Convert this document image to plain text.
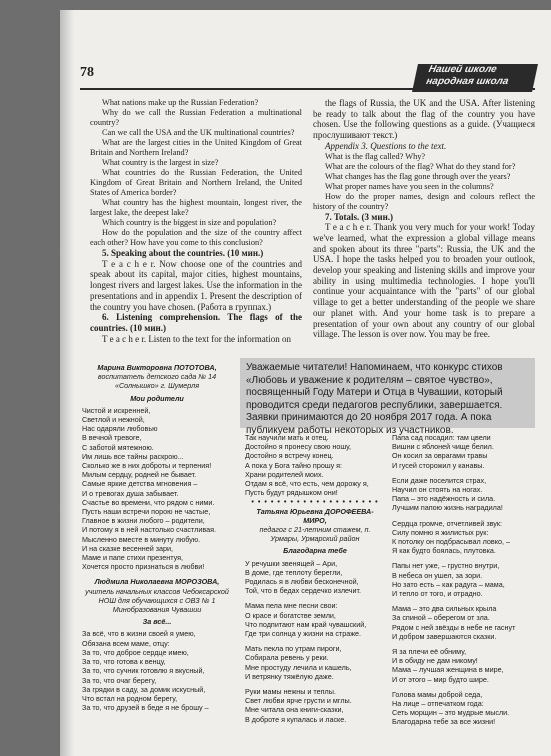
78	Нашей школе
народная школа

What nations make up the Russian Federation?

Why do we call the Russian Federation a multinational country?

Can we call the USA and the UK multinational countries?

What are the largest cities in the United Kingdom of Great Britain and Northern Ireland?

What country is the largest in size?

What countries do the Russian Federation, the United Kingdom of Great Britain and Northern Ireland, the United States of America border?

What country has the highest mountain, longest river, the largest lake, the deepest lake?

Which country is the biggest in size and population?

How do the population and the size of the country affect each other? How have you come to this conclusion?

5. Speaking about the countries. (10 мин.)

T e a c h e r. Now choose one of the countries and speak about its capital, major cities, highest mountains, longest rivers and largest lakes. Use the information in the presentations and in appendix 1. Present the description of the country you have chosen. (Работа в группах.)

6. Listening comprehension. The flags of the countries. (10 мин.)

T e a c h e r. Listen to the text for the information on

the flags of Russia, the UK and the USA. After listening be ready to talk about the flag of the country you have chosen. Use the following questions as a guide. (Учащиеся прослушивают текст.)

Appendix 3. Questions to the text.

What is the flag called? Why?

What are the colours of the flag? What do they stand for?

What changes has the flag gone through over the years?

What proper names have you seen in the columns?

How do the proper names, design and colours reflect the history of the country?

7. Totals. (3 мин.)

T e a c h e r. Thank you very much for your work! Today we've learned, what the expression a global village means and spoken about its three "parts": Russia, the UK and the USA. I hope the tasks helped you to broaden your outlook, develop your speaking and listening skills and improve your ability in using multimedia technologies. I hope you'll continue your acquaintance with the "parts" of our global village to get a better understanding of the people we share our planet with. And your home task is to prepare a presentation of your own about any country of our global village. The lesson is over now. You may be free.

Уважаемые читатели! Напоминаем, что конкурс стихов «Любовь и уважение к родителям – святое чувство», посвященный Году Матери и Отца в Чувашии, который проводится среди педагогов республики, завершается. Заявки принимаются до 20 ноября 2017 года. А пока публикуем работы некоторых из участников.

Марина Викторовна ПОТОТОВА,

воспитатель детского сада № 14 «Солнышко» г. Шумерля

Мои родители

Чистой и искренней,

Светлой и нежной,

Нас одаряли любовью

В вечной тревоге,

С заботой мятежною.

Им лишь все тайны раскрою...

Сколько же в них доброты и терпения!

Милым сердцу, родней не бывает.

Самые яркие детства мгновения –

И о тревогах душа забывает.

Счастье во времени, что рядом с ними.

Пусть наши встречи порою не частые,

Главное в жизни любого – родители,

И потому я в ней настолько счастливая.

Мысленно вместе в минуту любую.

И на сказке весенней зари,

Маме и папе стихи презентуя,

Хочется просто признаться в любви!

Людмила Николаевна МОРОЗОВА,

учитель начальных классов Чебоксарской НОШ для обучающихся с ОВЗ № 1 Минобразования Чувашии

За всё...

За всё, что в жизни своей я умею,

Обязана всем маме, отцу:

За то, что доброе сердце имею,

За то, что готова к венцу,

За то, что сучник готовлю я вкусный,

За то, что очаг берегу,

За грядки в саду, за домик искусный,

Что встал на родном берегу,

За то, что друзей в беде я не брошу –

Так научили мать и отец.

Достойно я пронесу свою ношу,

Достойно я встречу конец.

А пока у Бога тайно прошу я:

Храни родителей моих.

Отдам я всё, что есть, чем дорожу я,

Пусть будут рядышком они!

• • • • • • • • • • • • • • • • • • • •

Татьяна Юрьевна ДОРОФЕЕВА-МИРО,

педагог с 21-летним стажем, п. Урмары, Урмарский район

Благодарна тебе

У речушки звенящей – Ари,

В доме, где теплоту берегли,

Родилась я в любви бесконечной,

Той, что в бедах сердечко излечит.

Мама пела мне песни свои:

О красе и богатстве земли,

Что подпитают нам край чувашский,

Где три солнца у жизни на страже.

Мать пекла по утрам пироги,

Собирала ревень у реки.

Мне простуду лечила и кашель,

И ветрянку тяжёлую даже.

Руки мамы нежны и теплы.

Свет любви ярче грусти и мглы.

Мне читала она книги-сказки,

В доброте я купалась и ласке.

Папа сад посадил: там цвели

Вишни с яблоней чище белил.

Он косил за оврагами травы

И гусей сторожил у канавы.

Если даже поселится страх,

Научил он стоять на ногах.

Папа – это надёжность и сила.

Лучшим папою жизнь наградила!

Сердца громче, отчетливей звук:

Силу помню я жилистых рук:

К потолку он подбрасывал ловко, –

Я как будто боялась, плутовка.

Папы нет уже, – грустно внутри,

В небеса он ушел, за зори.

Но зато есть – как радуга – мама,

И тепло от того, и отрадно.

Мама – это два сильных крыла

За спиной – оберегом от зла.

Рядом с ней звёзды в небе не гаснут

И добром завершаются сказки.

Я за плечи её обниму,

И в обиду не дам никому!

Мама – лучшая женщина в мире,

И от этого – мир будто шире.

Голова мамы доброй седа,

На лице – отпечатком года:

Сеть морщин – это мудрые мысли.

Благодарна тебе за все жизни!
